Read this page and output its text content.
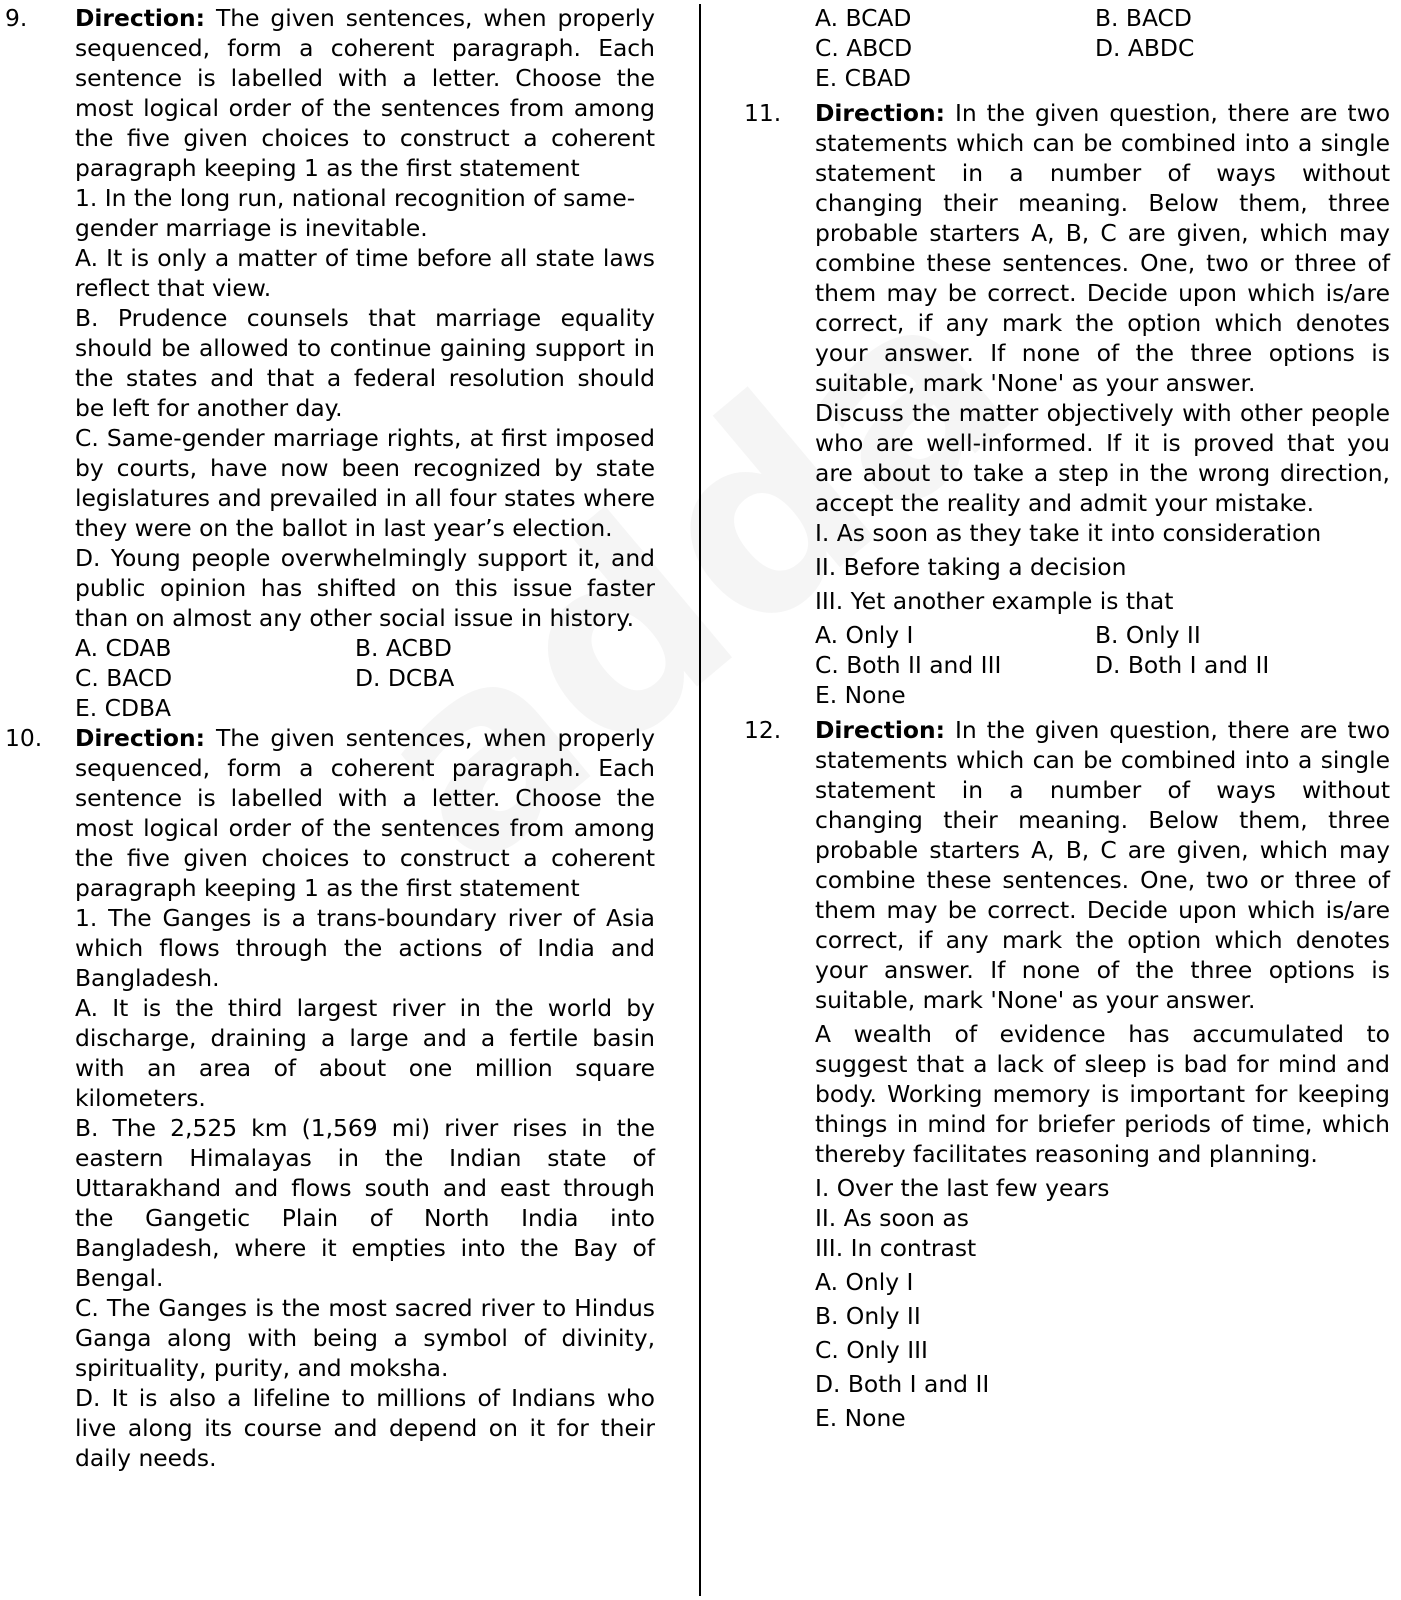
9. Direction: The given sentences, when properly sequenced, form a coherent paragraph. Each sentence is labelled with a letter. Choose the most logical order of the sentences from among the five given choices to construct a coherent paragraph keeping 1 as the first statement

1. In the long run, national recognition of same-gender marriage is inevitable.

A. It is only a matter of time before all state laws reflect that view.

B. Prudence counsels that marriage equality should be allowed to continue gaining support in the states and that a federal resolution should be left for another day.

C. Same-gender marriage rights, at first imposed by courts, have now been recognized by state legislatures and prevailed in all four states where they were on the ballot in last year’s election.

D. Young people overwhelmingly support it, and public opinion has shifted on this issue faster than on almost any other social issue in history.

A. CDAB	B. ACBD
C. BACD	D. DCBA
E. CDBA
10. Direction: The given sentences, when properly sequenced, form a coherent paragraph. Each sentence is labelled with a letter. Choose the most logical order of the sentences from among the five given choices to construct a coherent paragraph keeping 1 as the first statement

1. The Ganges is a trans-boundary river of Asia which flows through the actions of India and Bangladesh.

A. It is the third largest river in the world by discharge, draining a large and a fertile basin with an area of about one million square kilometers.

B. The 2,525 km (1,569 mi) river rises in the eastern Himalayas in the Indian state of Uttarakhand and flows south and east through the Gangetic Plain of North India into Bangladesh, where it empties into the Bay of Bengal.

C. The Ganges is the most sacred river to Hindus Ganga along with being a symbol of divinity, spirituality, purity, and moksha.

D. It is also a lifeline to millions of Indians who live along its course and depend on it for their daily needs.

A. BCAD	B. BACD
C. ABCD	D. ABDC
E. CBAD
11. Direction: In the given question, there are two statements which can be combined into a single statement in a number of ways without changing their meaning. Below them, three probable starters A, B, C are given, which may combine these sentences. One, two or three of them may be correct. Decide upon which is/are correct, if any mark the option which denotes your answer. If none of the three options is suitable, mark 'None' as your answer.

Discuss the matter objectively with other people who are well-informed. If it is proved that you are about to take a step in the wrong direction, accept the reality and admit your mistake.

I. As soon as they take it into consideration
II. Before taking a decision
III. Yet another example is that
A. Only I	B. Only II
C. Both II and III	D. Both I and II
E. None
12. Direction: In the given question, there are two statements which can be combined into a single statement in a number of ways without changing their meaning. Below them, three probable starters A, B, C are given, which may combine these sentences. One, two or three of them may be correct. Decide upon which is/are correct, if any mark the option which denotes your answer. If none of the three options is suitable, mark 'None' as your answer.

A wealth of evidence has accumulated to suggest that a lack of sleep is bad for mind and body. Working memory is important for keeping things in mind for briefer periods of time, which thereby facilitates reasoning and planning.

I. Over the last few years
II. As soon as
III. In contrast
A. Only I
B. Only II
C. Only III
D. Both I and II
E. None
